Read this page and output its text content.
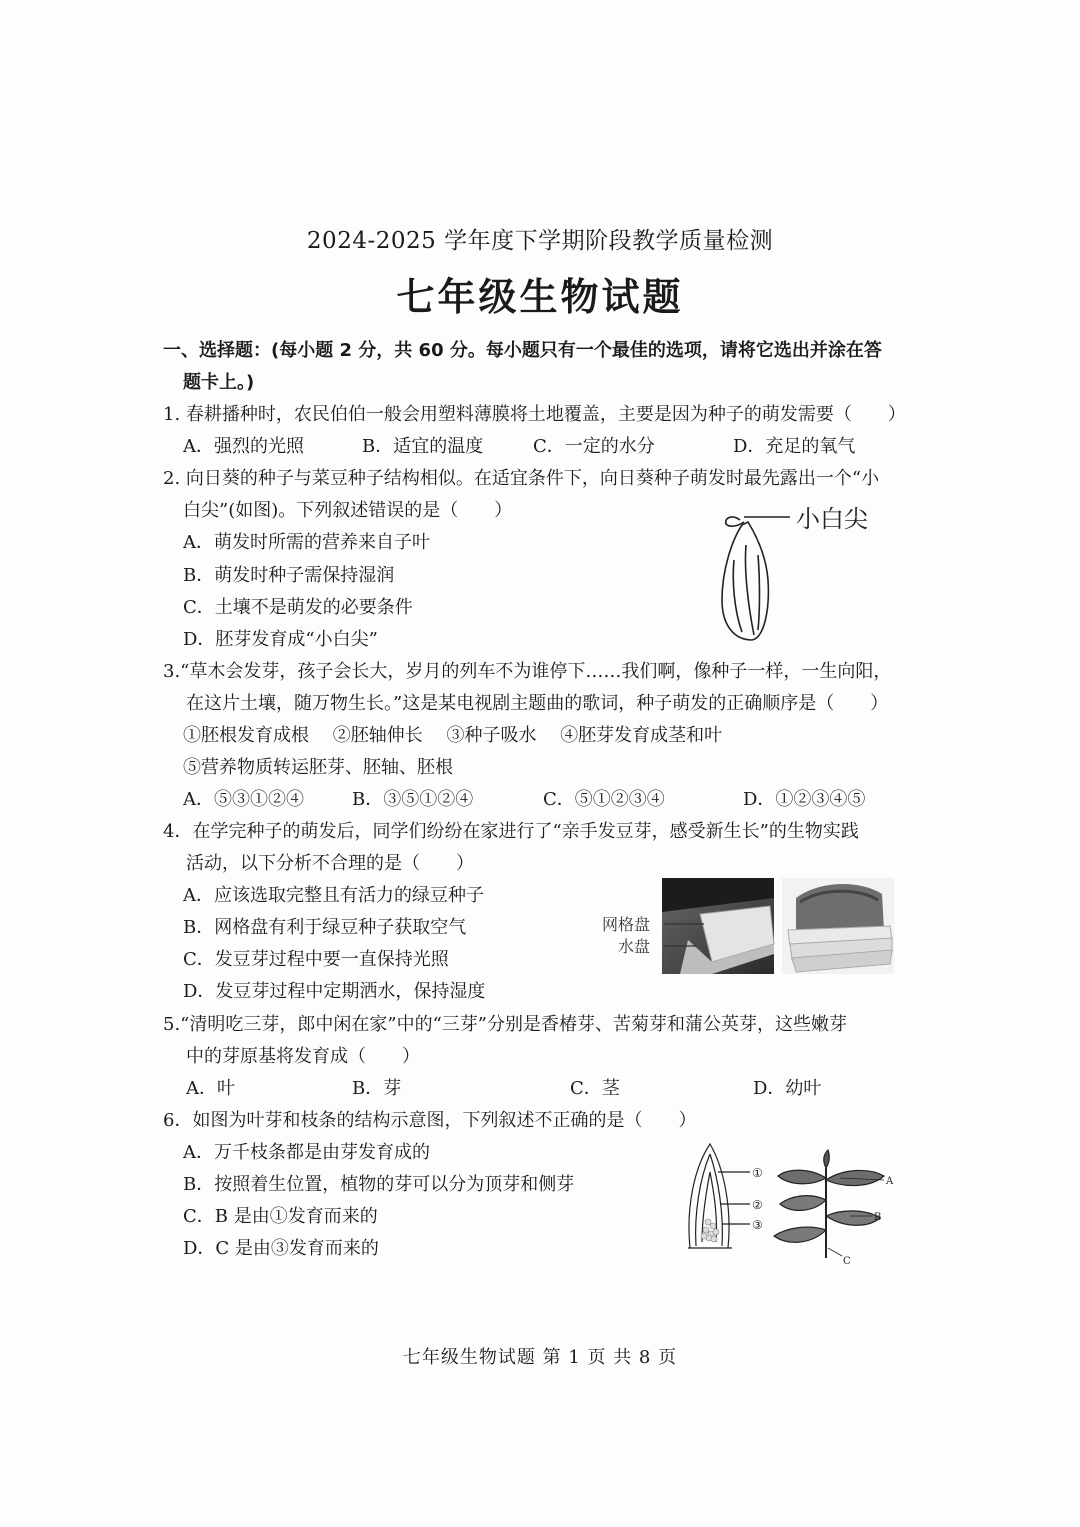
2024-2025 学年度下学期阶段教学质量检测
七年级生物试题
一、选择题：(每小题 2 分，共 60 分。每小题只有一个最佳的选项，请将它选出并涂在答
题卡上。)
1. 春耕播种时，农民伯伯一般会用塑料薄膜将土地覆盖，主要是因为种子的萌发需要（　　）
A．强烈的光照	B．适宜的温度	C．一定的水分	D．充足的氧气
2. 向日葵的种子与菜豆种子结构相似。在适宜条件下，向日葵种子萌发时最先露出一个“小
白尖”(如图)。下列叙述错误的是（　　）
A．萌发时所需的营养来自子叶
B．萌发时种子需保持湿润
C．土壤不是萌发的必要条件
D．胚芽发育成“小白尖”
小白尖
3.“草木会发芽，孩子会长大，岁月的列车不为谁停下……我们啊，像种子一样，一生向阳，
在这片土壤，随万物生长。”这是某电视剧主题曲的歌词，种子萌发的正确顺序是（　　）
①胚根发育成根　 ②胚轴伸长　 ③种子吸水　 ④胚芽发育成茎和叶
⑤营养物质转运胚芽、胚轴、胚根
A．⑤③①②④	B．③⑤①②④	C．⑤①②③④	D．①②③④⑤
4．在学完种子的萌发后，同学们纷纷在家进行了“亲手发豆芽，感受新生长”的生物实践
活动，以下分析不合理的是（　　）
A．应该选取完整且有活力的绿豆种子
B．网格盘有利于绿豆种子获取空气
C．发豆芽过程中要一直保持光照
D．发豆芽过程中定期洒水，保持湿度
网格盘
水盘
5.“清明吃三芽，郎中闲在家”中的“三芽”分别是香椿芽、苦菊芽和蒲公英芽，这些嫩芽
中的芽原基将发育成（　　）
A．叶	B．芽	C．茎	D．幼叶
6．如图为叶芽和枝条的结构示意图，下列叙述不正确的是（　　）
A．万千枝条都是由芽发育成的
B．按照着生位置，植物的芽可以分为顶芽和侧芽
C．B 是由①发育而来的
D．C 是由③发育而来的
①
②
③
A
B
C
七年级生物试题 第 1 页 共 8 页
